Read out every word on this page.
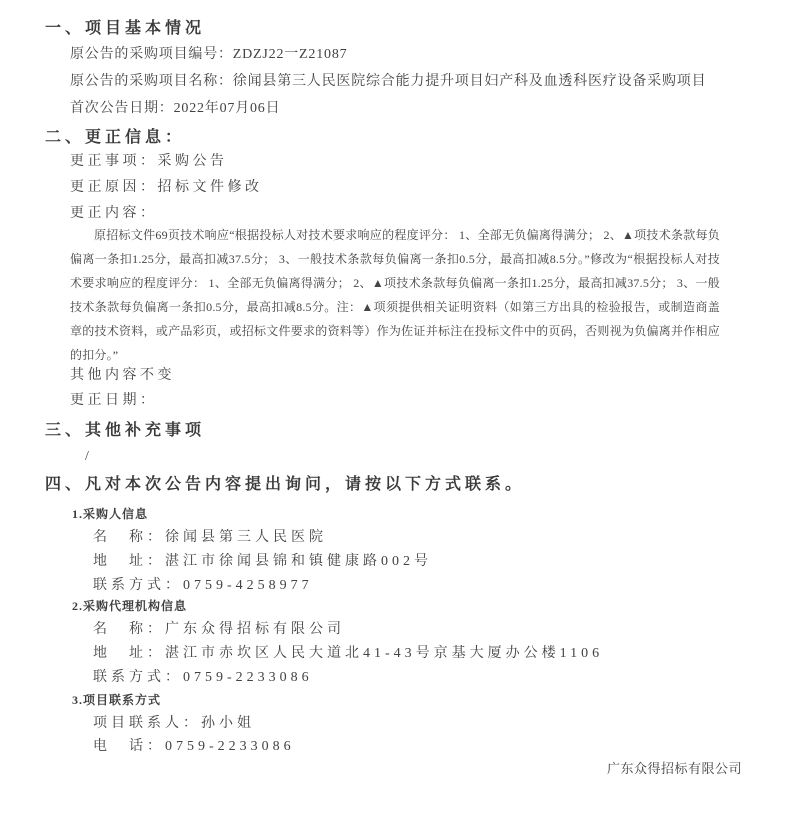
一、项目基本情况
原公告的采购项目编号：ZDZJ22一Z21087
原公告的采购项目名称：徐闻县第三人民医院综合能力提升项目妇产科及血透科医疗设备采购项目
首次公告日期：2022年07月06日
二、更正信息：
更正事项：采购公告
更正原因：招标文件修改
更正内容：
原招标文件69页技术响应“根据投标人对技术要求响应的程度评分： 1、全部无负偏离得满分； 2、▲项技术条款每负偏离一条扣1.25分，最高扣减37.5分； 3、一般技术条款每负偏离一条扣0.5分，最高扣减8.5分。”修改为“根据投标人对技术要求响应的程度评分： 1、全部无负偏离得满分； 2、▲项技术条款每负偏离一条扣1.25分，最高扣减37.5分； 3、一般技术条款每负偏离一条扣0.5分，最高扣减8.5分。注：▲项须提供相关证明资料（如第三方出具的检验报告，或制造商盖章的技术资料，或产品彩页，或招标文件要求的资料等）作为佐证并标注在投标文件中的页码，否则视为负偏离并作相应的扣分。”
其他内容不变
更正日期：
三、其他补充事项
/
四、凡对本次公告内容提出询问，请按以下方式联系。
1.采购人信息
名　称：徐闻县第三人民医院
地　址：湛江市徐闻县锦和镇健康路002号
联系方式：0759-4258977
2.采购代理机构信息
名　称：广东众得招标有限公司
地　址：湛江市赤坎区人民大道北41-43号京基大厦办公楼1106
联系方式：0759-2233086
3.项目联系方式
项目联系人：孙小姐
电　话：0759-2233086
广东众得招标有限公司
